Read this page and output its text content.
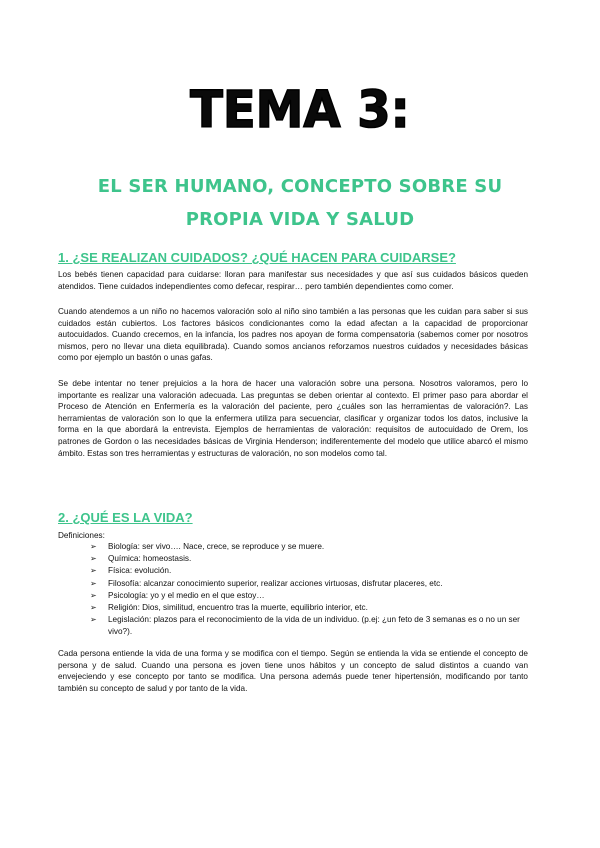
TEMA 3:
EL SER HUMANO, CONCEPTO SOBRE SU
PROPIA VIDA Y SALUD
1. ¿SE REALIZAN CUIDADOS? ¿QUÉ HACEN PARA CUIDARSE?
Los bebés tienen capacidad para cuidarse: lloran para manifestar sus necesidades y que así sus cuidados básicos queden atendidos. Tiene cuidados independientes como defecar, respirar… pero también dependientes como comer.
Cuando atendemos a un niño no hacemos valoración solo al niño sino también a las personas que les cuidan para saber si sus cuidados están cubiertos. Los factores básicos condicionantes como la edad afectan a la capacidad de proporcionar autocuidados. Cuando crecemos, en la infancia, los padres nos apoyan de forma compensatoria (sabemos comer por nosotros mismos, pero no llevar una dieta equilibrada). Cuando somos ancianos reforzamos nuestros cuidados y necesidades básicas como por ejemplo un bastón o unas gafas.
Se debe intentar no tener prejuicios a la hora de hacer una valoración sobre una persona. Nosotros valoramos, pero lo importante es realizar una valoración adecuada. Las preguntas se deben orientar al contexto. El primer paso para abordar el Proceso de Atención en Enfermería es la valoración del paciente, pero ¿cuáles son las herramientas de valoración?. Las herramientas de valoración son lo que la enfermera utiliza para secuenciar, clasificar y organizar todos los datos, inclusive la forma en la que abordará la entrevista. Ejemplos de herramientas de valoración: requisitos de autocuidado de Orem, los patrones de Gordon o las necesidades básicas de Virginia Henderson; indiferentemente del modelo que utilice abarcó el mismo ámbito. Estas son tres herramientas y estructuras de valoración, no son modelos como tal.
2. ¿QUÉ ES LA VIDA?
Definiciones:
➢ Biología: ser vivo…. Nace, crece, se reproduce y se muere.
➢ Química: homeostasis.
➢ Física: evolución.
➢ Filosofía: alcanzar conocimiento superior, realizar acciones virtuosas, disfrutar placeres, etc.
➢ Psicología: yo y el medio en el que estoy…
➢ Religión: Dios, similitud, encuentro tras la muerte, equilibrio interior, etc.
➢ Legislación: plazos para el reconocimiento de la vida de un individuo. (p.ej: ¿un feto de 3 semanas es o no un ser vivo?).
Cada persona entiende la vida de una forma y se modifica con el tiempo. Según se entienda la vida se entiende el concepto de persona y de salud. Cuando una persona es joven tiene unos hábitos y un concepto de salud distintos a cuando van envejeciendo y ese concepto por tanto se modifica. Una persona además puede tener hipertensión, modificando por tanto también su concepto de salud y por tanto de la vida.
